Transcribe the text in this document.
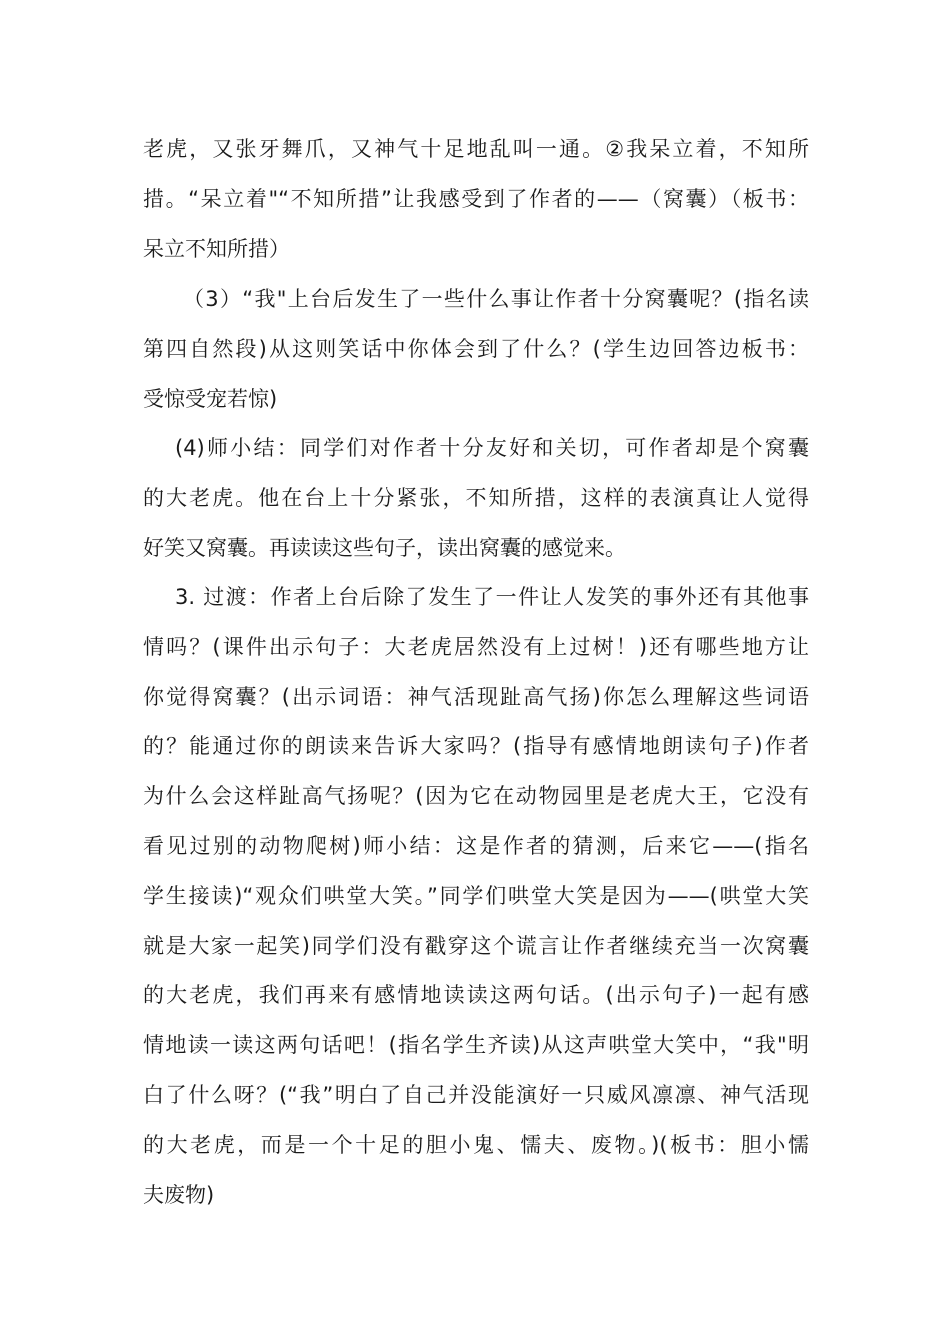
老虎，又张牙舞爪，又神气十足地乱叫一通。②我呆立着，不知所
措。“呆立着"“不知所措”让我感受到了作者的——（窝囊）（板书：
呆立不知所措）
（3）“我"上台后发生了一些什么事让作者十分窝囊呢？(指名读
第四自然段)从这则笑话中你体会到了什么？(学生边回答边板书：
受惊受宠若惊)
(4)师小结：同学们对作者十分友好和关切，可作者却是个窝囊
的大老虎。他在台上十分紧张，不知所措，这样的表演真让人觉得
好笑又窝囊。再读读这些句子，读出窝囊的感觉来。
3. 过渡：作者上台后除了发生了一件让人发笑的事外还有其他事
情吗？(课件出示句子：大老虎居然没有上过树！)还有哪些地方让
你觉得窝囊？(出示词语：神气活现趾高气扬)你怎么理解这些词语
的？能通过你的朗读来告诉大家吗？(指导有感情地朗读句子)作者
为什么会这样趾高气扬呢？(因为它在动物园里是老虎大王，它没有
看见过别的动物爬树)师小结：这是作者的猜测，后来它——(指名
学生接读)“观众们哄堂大笑。”同学们哄堂大笑是因为——(哄堂大笑
就是大家一起笑)同学们没有戳穿这个谎言让作者继续充当一次窝囊
的大老虎，我们再来有感情地读读这两句话。(出示句子)一起有感
情地读一读这两句话吧！(指名学生齐读)从这声哄堂大笑中，“我"明
白了什么呀？(“我”明白了自己并没能演好一只威风凛凛、神气活现
的大老虎，而是一个十足的胆小鬼、懦夫、废物。)(板书：胆小懦
夫废物)
